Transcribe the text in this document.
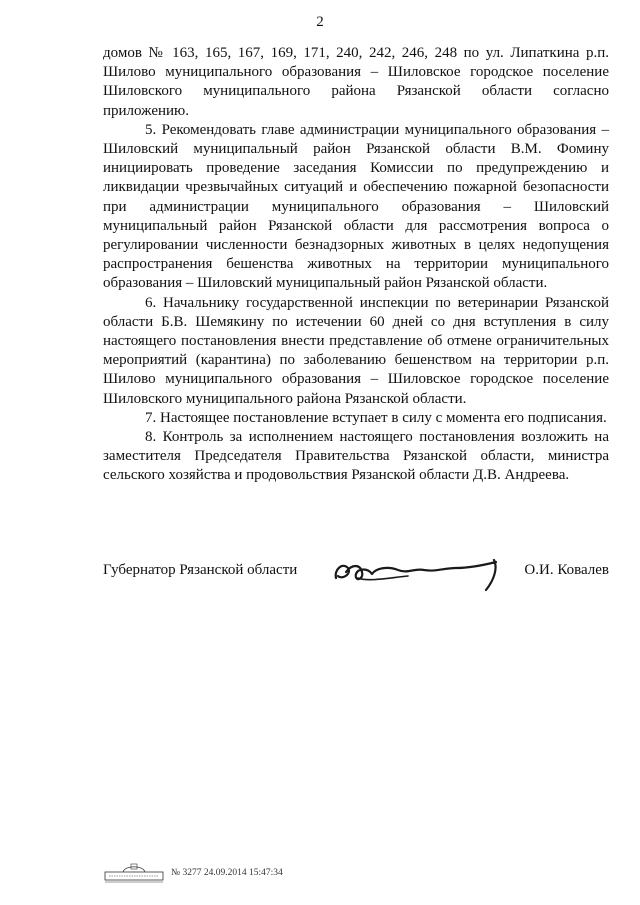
2

домов № 163, 165, 167, 169, 171, 240, 242, 246, 248 по ул. Липаткина р.п. Шилово муниципального образования – Шиловское городское поселение Шиловского муниципального района Рязанской области согласно приложению.

5. Рекомендовать главе администрации муниципального образования – Шиловский муниципальный район Рязанской области В.М. Фомину инициировать проведение заседания Комиссии по предупреждению и ликвидации чрезвычайных ситуаций и обеспечению пожарной безопасности при администрации муниципального образования – Шиловский муниципальный район Рязанской области для рассмотрения вопроса о регулировании численности безнадзорных животных в целях недопущения распространения бешенства животных на территории муниципального образования – Шиловский муниципальный район Рязанской области.

6. Начальнику государственной инспекции по ветеринарии Рязанской области Б.В. Шемякину по истечении 60 дней со дня вступления в силу настоящего постановления внести представление об отмене ограничительных мероприятий (карантина) по заболеванию бешенством на территории р.п. Шилово муниципального образования – Шиловское городское поселение Шиловского муниципального района Рязанской области.

7. Настоящее постановление вступает в силу с момента его подписания.

8. Контроль за исполнением настоящего постановления возложить на заместителя Председателя Правительства Рязанской области, министра сельского хозяйства и продовольствия Рязанской области Д.В. Андреева.

Губернатор Рязанской области	О.И. Ковалев
№ 3277 24.09.2014 15:47:34
